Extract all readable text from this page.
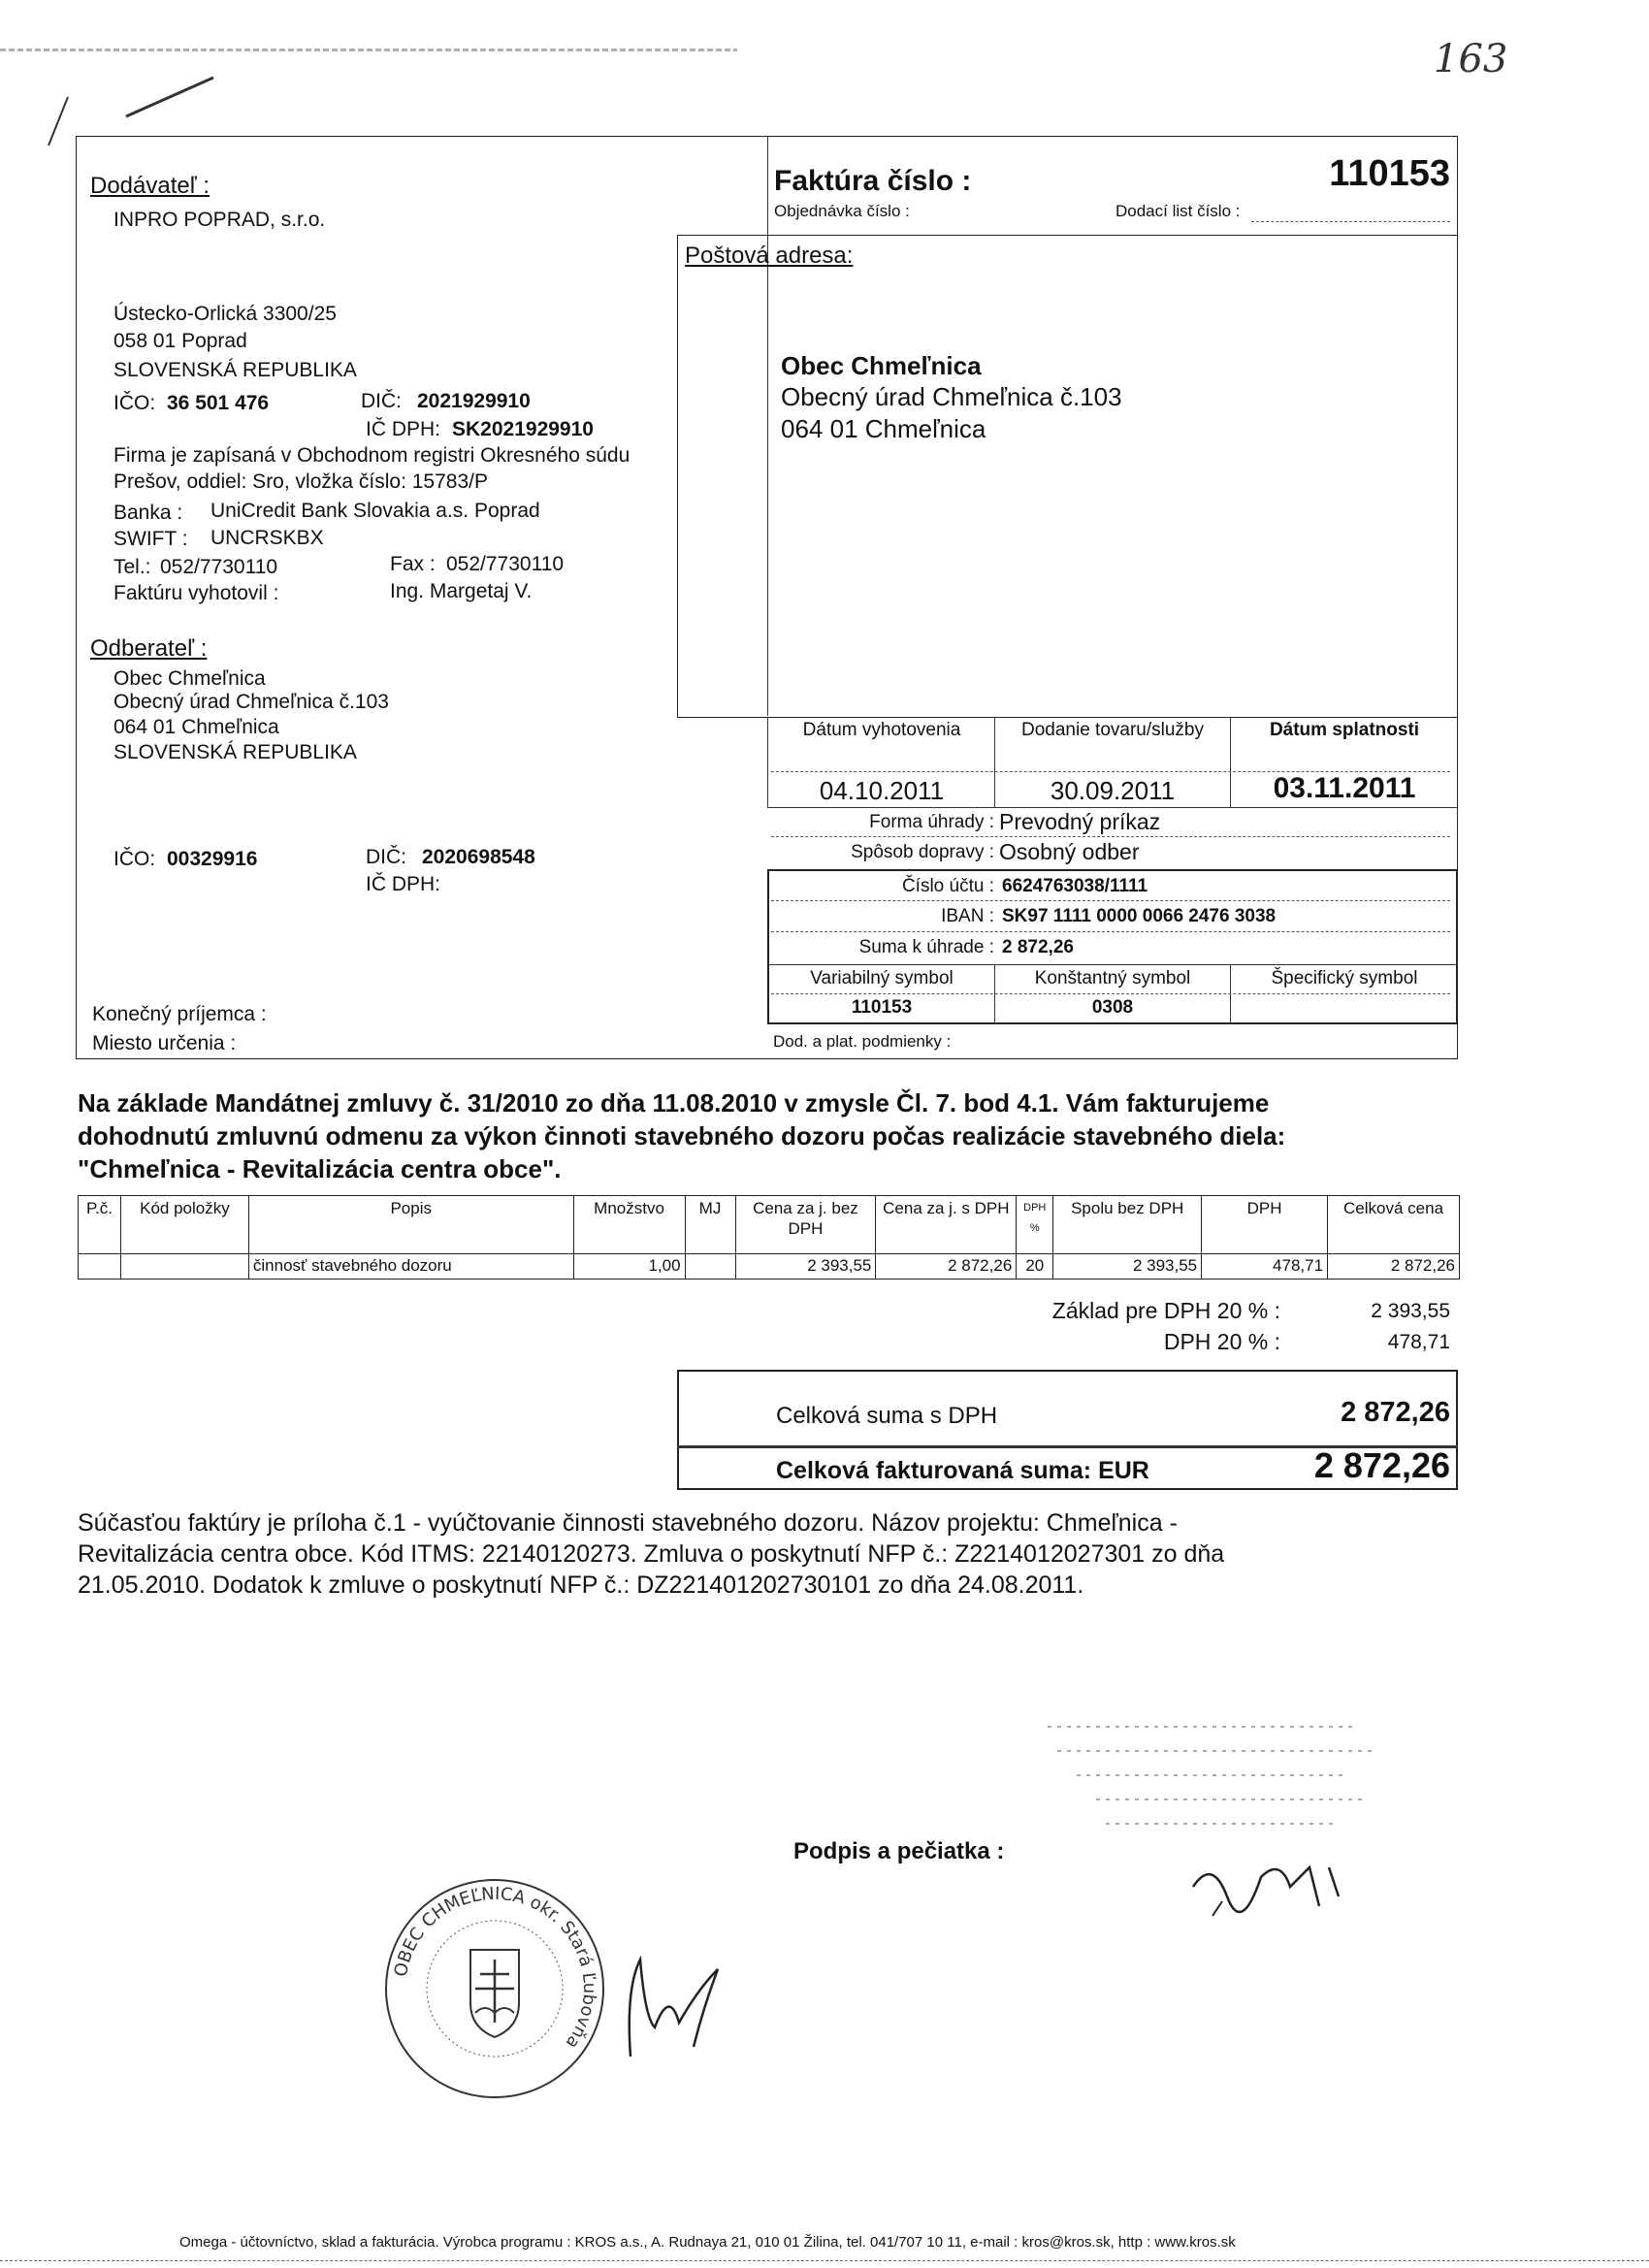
163
Dodávateľ :
INPRO POPRAD, s.r.o.
Ústecko-Orlická 3300/25
058 01 Poprad
SLOVENSKÁ REPUBLIKA
IČO: 36 501 476	DIČ: 2021929910
IČ DPH: SK2021929910
Firma je zapísaná v Obchodnom registri Okresného súdu
Prešov, oddiel: Sro, vložka číslo: 15783/P
Banka : UniCredit Bank Slovakia a.s. Poprad
SWIFT : UNCRSKBX
Tel.: 052/7730110	Fax : 052/7730110
Faktúru vyhotovil :	Ing. Margetaj V.
Odberateľ :
Obec Chmeľnica
Obecný úrad Chmeľnica č.103
064 01 Chmeľnica
SLOVENSKÁ REPUBLIKA
IČO: 00329916	DIČ: 2020698548
IČ DPH:
Konečný príjemca :
Miesto určenia :
Faktúra číslo :	110153
Objednávka číslo :	Dodací list číslo :
Poštová adresa:
Obec Chmeľnica
Obecný úrad Chmeľnica č.103
064 01 Chmeľnica
Dátum vyhotovenia	Dodanie tovaru/služby	Dátum splatnosti
04.10.2011	30.09.2011	03.11.2011
Forma úhrady : Prevodný príkaz
Spôsob dopravy : Osobný odber
Číslo účtu : 6624763038/1111
IBAN : SK97 1111 0000 0066 2476 3038
Suma k úhrade : 2 872,26
Variabilný symbol	Konštantný symbol	Špecifický symbol
110153	0308
Dod. a plat. podmienky :
Na základe Mandátnej zmluvy č. 31/2010 zo dňa 11.08.2010 v zmysle Čl. 7. bod 4.1. Vám fakturujeme
dohodnutú zmluvnú odmenu za výkon činnoti stavebného dozoru počas realizácie stavebného diela:
"Chmeľnica - Revitalizácia centra obce".
P.č.	Kód položky	Popis	Množstvo	MJ	Cena za j. bez DPH	Cena za j. s DPH	DPH %	Spolu bez DPH	DPH	Celková cena
		činnosť stavebného dozoru	1,00		2 393,55	2 872,26	20	2 393,55	478,71	2 872,26
Základ pre DPH 20 % :	2 393,55
DPH 20 % :	478,71
Celková suma s DPH	2 872,26
Celková fakturovaná suma: EUR	2 872,26
Súčasťou faktúry je príloha č.1 - vyúčtovanie činnosti stavebného dozoru. Názov projektu: Chmeľnica -
Revitalizácia centra obce. Kód ITMS: 22140120273. Zmluva o poskytnutí NFP č.: Z2214012027301 zo dňa
21.05.2010. Dodatok k zmluve o poskytnutí NFP č.: DZ221401202730101 zo dňa 24.08.2011.
Podpis a pečiatka :
OBEC CHMEĽNICA okr. Stará Ľubovňa
Omega - účtovníctvo, sklad a fakturácia. Výrobca programu : KROS a.s., A. Rudnaya 21, 010 01 Žilina, tel. 041/707 10 11, e-mail : kros@kros.sk, http : www.kros.sk
